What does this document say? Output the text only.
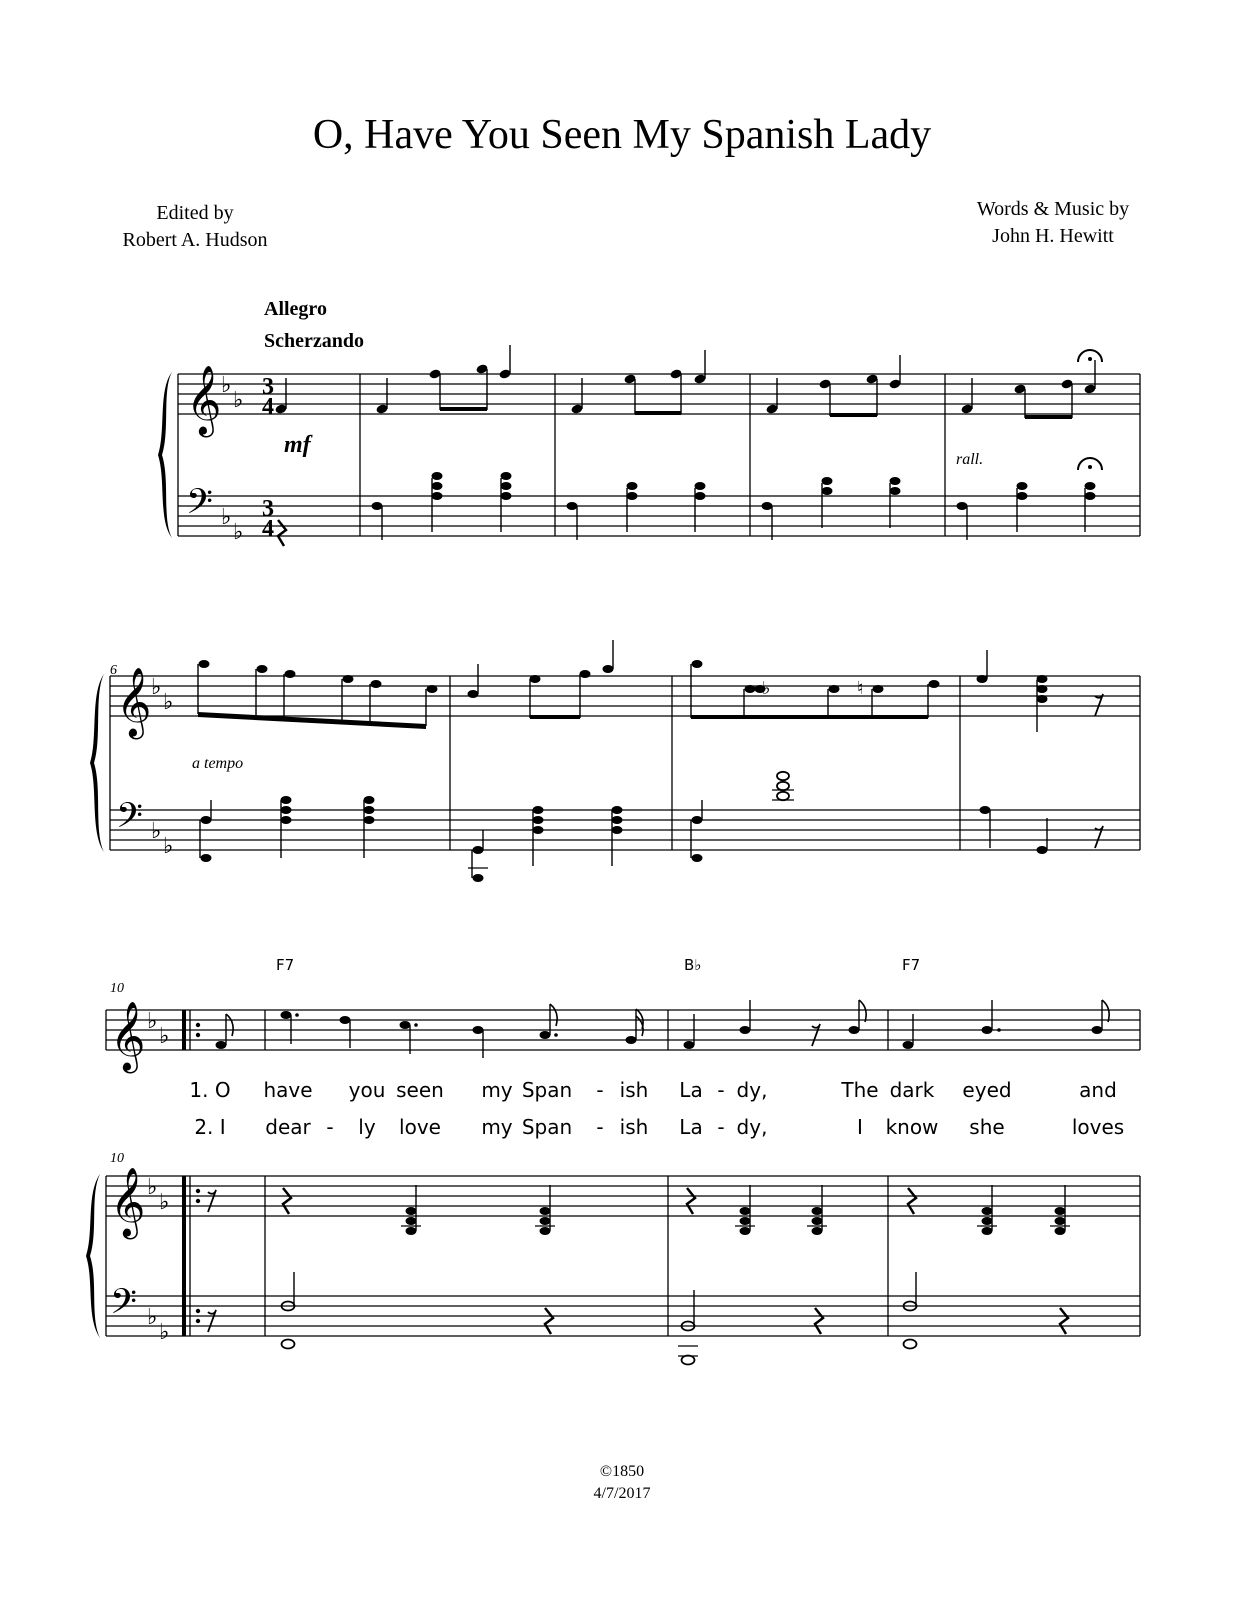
O, Have You Seen My Spanish Lady
Edited by
Robert A. Hudson
Words & Music by
John H. Hewitt
Allegro
Scherzando
𝄞
𝄢
♭
♭
♭
♭
3
4
3
4
mf
rall.
6 𝄞
𝄢
♭
♭
♭
♭
a tempo
♭	♮
F7	B♭	F7
10
𝄞 ♭
♭
1. O have you seen my Span - ish La - dy,	The dark eyed	and
2. I dear - ly love my Span - ish La - dy,	I know she	loves
10
𝄞
𝄢
♭
♭
♭
♭
©1850
4/7/2017
